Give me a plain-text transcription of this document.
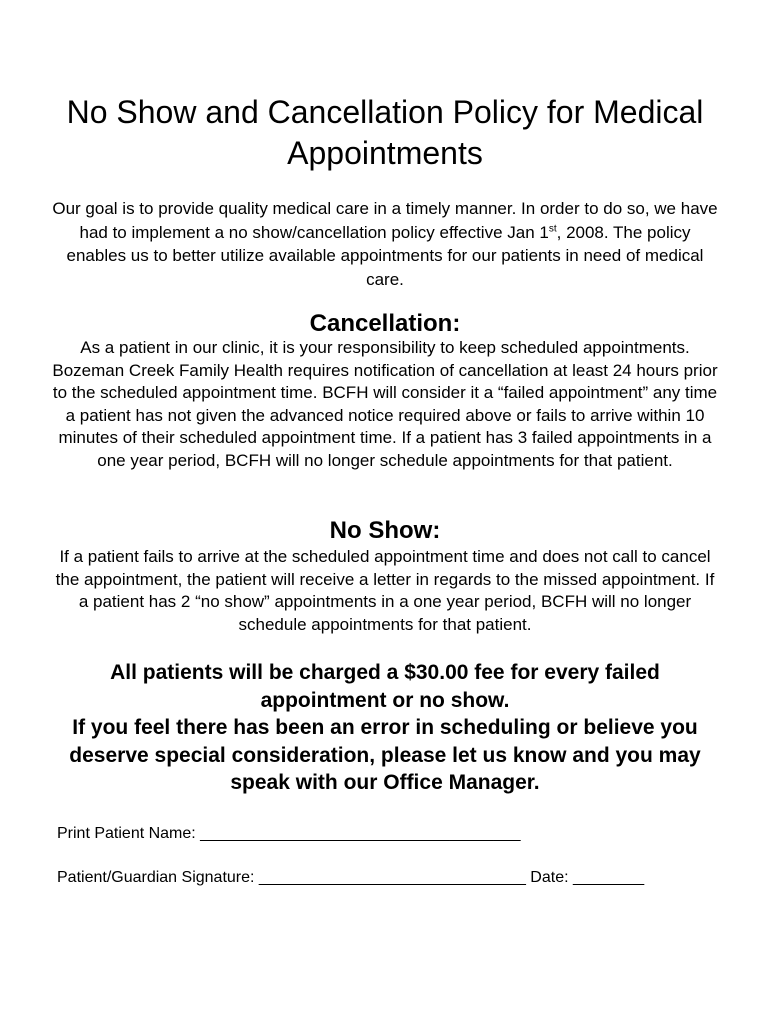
No Show and Cancellation Policy for Medical Appointments

Our goal is to provide quality medical care in a timely manner. In order to do so, we have had to implement a no show/cancellation policy effective Jan 1st, 2008. The policy enables us to better utilize available appointments for our patients in need of medical care.

Cancellation:

As a patient in our clinic, it is your responsibility to keep scheduled appointments. Bozeman Creek Family Health requires notification of cancellation at least 24 hours prior to the scheduled appointment time. BCFH will consider it a “failed appointment” any time a patient has not given the advanced notice required above or fails to arrive within 10 minutes of their scheduled appointment time. If a patient has 3 failed appointments in a one year period, BCFH will no longer schedule appointments for that patient.

No Show:

If a patient fails to arrive at the scheduled appointment time and does not call to cancel the appointment, the patient will receive a letter in regards to the missed appointment. If a patient has 2 “no show” appointments in a one year period, BCFH will no longer schedule appointments for that patient.

All patients will be charged a $30.00 fee for every failed appointment or no show.
If you feel there has been an error in scheduling or believe you deserve special consideration, please let us know and you may speak with our Office Manager.
Print Patient Name: ____________________________________
Patient/Guardian Signature: ______________________________ Date: ________
